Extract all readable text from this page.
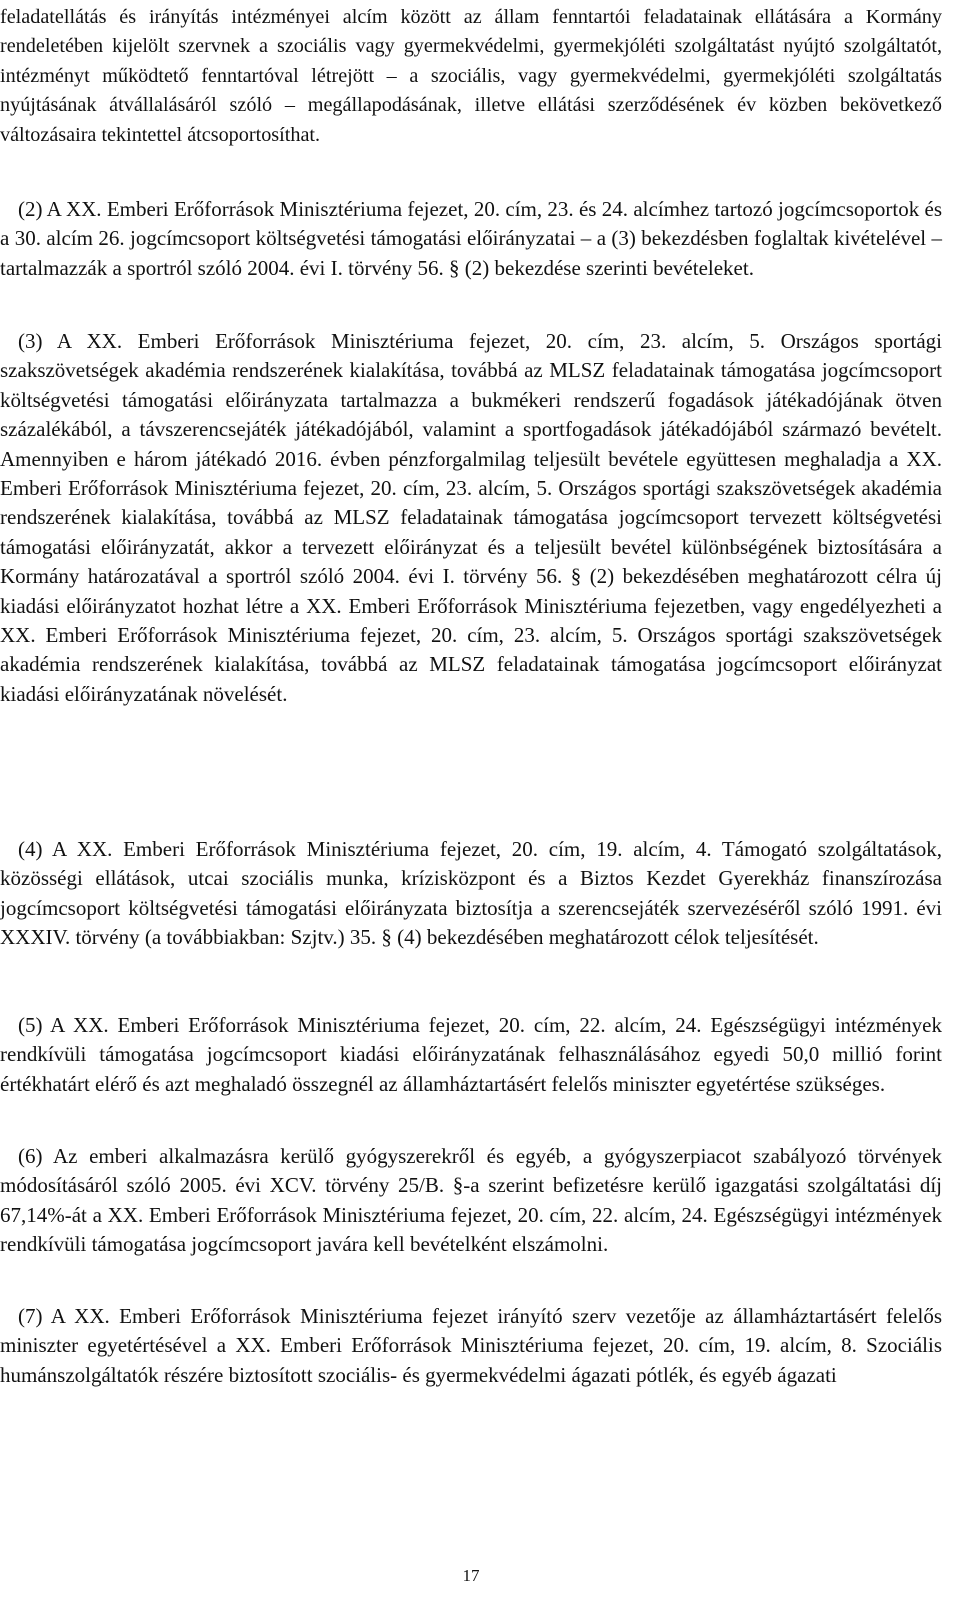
feladatellátás és irányítás intézményei alcím között az állam fenntartói feladatainak ellátására a Kormány rendeletében kijelölt szervnek a szociális vagy gyermekvédelmi, gyermekjóléti szolgáltatást nyújtó szolgáltatót, intézményt működtető fenntartóval létrejött – a szociális, vagy gyermekvédelmi, gyermekjóléti szolgáltatás nyújtásának átvállalásáról szóló – megállapodásának, illetve ellátási szerződésének év közben bekövetkező változásaira tekintettel átcsoportosíthat.

(2) A XX. Emberi Erőforrások Minisztériuma fejezet, 20. cím, 23. és 24. alcímhez tartozó jogcímcsoportok és a 30. alcím 26. jogcímcsoport költségvetési támogatási előirányzatai – a (3) bekezdésben foglaltak kivételével – tartalmazzák a sportról szóló 2004. évi I. törvény 56. § (2) bekezdése szerinti bevételeket.

(3) A XX. Emberi Erőforrások Minisztériuma fejezet, 20. cím, 23. alcím, 5. Országos sportági szakszövetségek akadémia rendszerének kialakítása, továbbá az MLSZ feladatainak támogatása jogcímcsoport költségvetési támogatási előirányzata tartalmazza a bukmékeri rendszerű fogadások játékadójának ötven százalékából, a távszerencsejáték játékadójából, valamint a sportfogadások játékadójából származó bevételt. Amennyiben e három játékadó 2016. évben pénzforgalmilag teljesült bevétele együttesen meghaladja a XX. Emberi Erőforrások Minisztériuma fejezet, 20. cím, 23. alcím, 5. Országos sportági szakszövetségek akadémia rendszerének kialakítása, továbbá az MLSZ feladatainak támogatása jogcímcsoport tervezett költségvetési támogatási előirányzatát, akkor a tervezett előirányzat és a teljesült bevétel különbségének biztosítására a Kormány határozatával a sportról szóló 2004. évi I. törvény 56. § (2) bekezdésében meghatározott célra új kiadási előirányzatot hozhat létre a XX. Emberi Erőforrások Minisztériuma fejezetben, vagy engedélyezheti a XX. Emberi Erőforrások Minisztériuma fejezet, 20. cím, 23. alcím, 5. Országos sportági szakszövetségek akadémia rendszerének kialakítása, továbbá az MLSZ feladatainak támogatása jogcímcsoport előirányzat kiadási előirányzatának növelését.

(4) A XX. Emberi Erőforrások Minisztériuma fejezet, 20. cím, 19. alcím, 4. Támogató szolgáltatások, közösségi ellátások, utcai szociális munka, krízisközpont és a Biztos Kezdet Gyerekház finanszírozása jogcímcsoport költségvetési támogatási előirányzata biztosítja a szerencsejáték szervezéséről szóló 1991. évi XXXIV. törvény (a továbbiakban: Szjtv.) 35. § (4) bekezdésében meghatározott célok teljesítését.

(5) A XX. Emberi Erőforrások Minisztériuma fejezet, 20. cím, 22. alcím, 24. Egészségügyi intézmények rendkívüli támogatása jogcímcsoport kiadási előirányzatának felhasználásához egyedi 50,0 millió forint értékhatárt elérő és azt meghaladó összegnél az államháztartásért felelős miniszter egyetértése szükséges.

(6) Az emberi alkalmazásra kerülő gyógyszerekről és egyéb, a gyógyszerpiacot szabályozó törvények módosításáról szóló 2005. évi XCV. törvény 25/B. §-a szerint befizetésre kerülő igazgatási szolgáltatási díj 67,14%-át a XX. Emberi Erőforrások Minisztériuma fejezet, 20. cím, 22. alcím, 24. Egészségügyi intézmények rendkívüli támogatása jogcímcsoport javára kell bevételként elszámolni.

(7) A XX. Emberi Erőforrások Minisztériuma fejezet irányító szerv vezetője az államháztartásért felelős miniszter egyetértésével a XX. Emberi Erőforrások Minisztériuma fejezet, 20. cím, 19. alcím, 8. Szociális humánszolgáltatók részére biztosított szociális- és gyermekvédelmi ágazati pótlék, és egyéb ágazati

17
